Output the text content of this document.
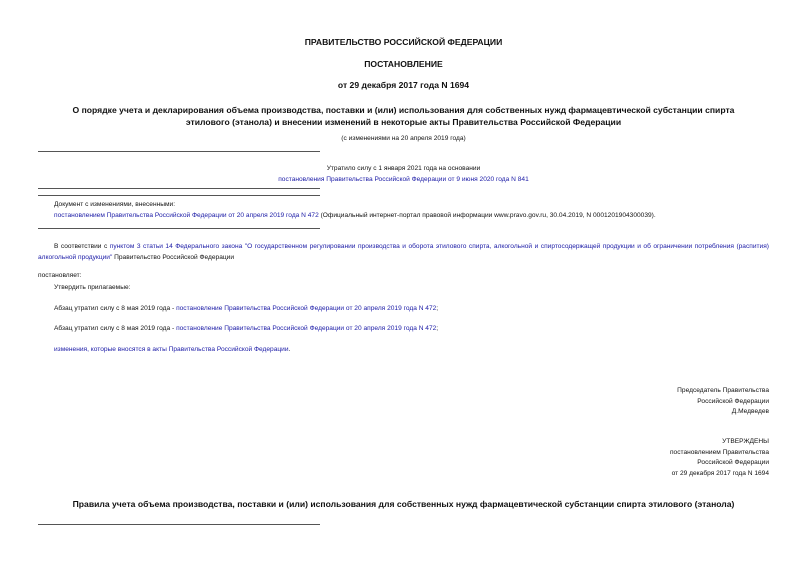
ПРАВИТЕЛЬСТВО РОССИЙСКОЙ ФЕДЕРАЦИИ
ПОСТАНОВЛЕНИЕ
от 29 декабря 2017 года N 1694
О порядке учета и декларирования объема производства, поставки и (или) использования для собственных нужд фармацевтической субстанции спирта
этилового (этанола) и внесении изменений в некоторые акты Правительства Российской Федерации
(с изменениями на 20 апреля 2019 года)
Утратило силу с 1 января 2021 года на основании
постановления Правительства Российской Федерации от 9 июня 2020 года N 841
Документ с изменениями, внесенными:
постановлением Правительства Российской Федерации от 20 апреля 2019 года N 472 (Официальный интернет-портал правовой информации www.pravo.gov.ru, 30.04.2019, N 0001201904300039).
В соответствии с пунктом 3 статьи 14 Федерального закона "О государственном регулировании производства и оборота этилового спирта, алкогольной и спиртосодержащей продукции и об ограничении потребления (распития) алкогольной продукции" Правительство Российской Федерации
постановляет:
Утвердить прилагаемые:
Абзац утратил силу с 8 мая 2019 года - постановление Правительства Российской Федерации от 20 апреля 2019 года N 472;
Абзац утратил силу с 8 мая 2019 года - постановление Правительства Российской Федерации от 20 апреля 2019 года N 472;
изменения, которые вносятся в акты Правительства Российской Федерации.
Председатель Правительства
Российской Федерации
Д.Медведев
УТВЕРЖДЕНЫ
постановлением Правительства
Российской Федерации
от 29 декабря 2017 года N 1694
Правила учета объема производства, поставки и (или) использования для собственных нужд фармацевтической субстанции спирта этилового (этанола)
